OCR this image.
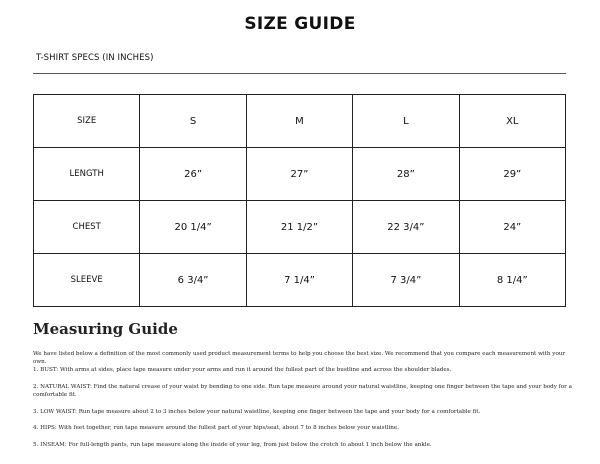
SIZE GUIDE
T-SHIRT SPECS (IN INCHES)
SIZE	S	M	L	XL
LENGTH	26”	27”	28”	29”
CHEST	20 1/4”	21 1/2”	22 3/4”	24”
SLEEVE	6 3/4”	7 1/4”	7 3/4”	8 1/4”
Measuring Guide

We have listed below a definition of the most commonly used product measurement terms to help you choose the best size. We recommend that you compare each measurement with your own.

1. BUST: With arms at sides, place tape measure under your arms and run it around the fullest part of the bustline and across the shoulder blades.

2. NATURAL WAIST: Find the natural crease of your waist by bending to one side. Run tape measure around your natural waistline, keeping one finger between the tape and your body for a comfortable fit.

3. LOW WAIST: Run tape measure about 2 to 3 inches below your natural waistline, keeping one finger between the tape and your body for a comfortable fit.

4. HIPS: With feet together, run tape measure around the fullest part of your hips/seat, about 7 to 8 inches below your waistline.

5. INSEAM: For full-length pants, run tape measure along the inside of your leg, from just below the crotch to about 1 inch below the ankle.
